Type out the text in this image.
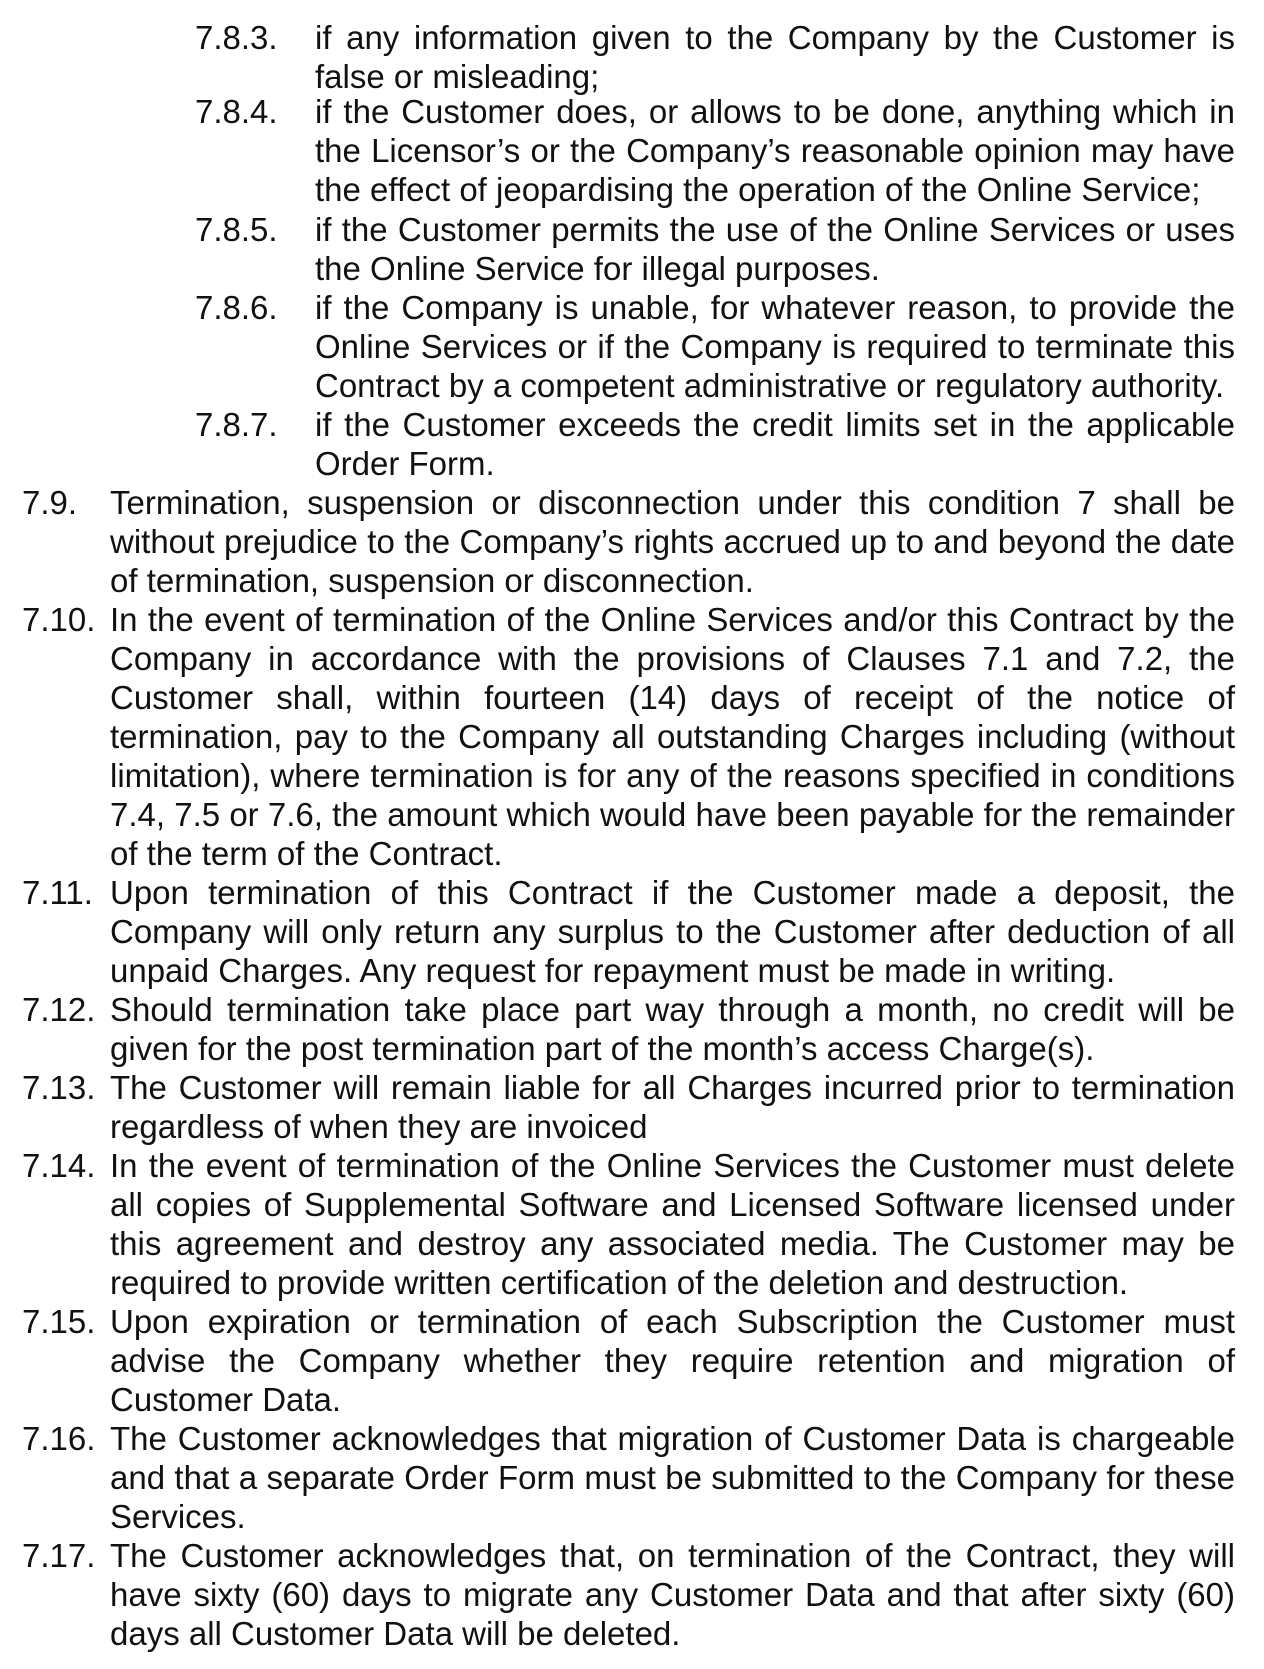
7.8.3.	if any information given to the Company by the Customer is false or misleading;
7.8.4.	if the Customer does, or allows to be done, anything which in the Licensor’s or the Company’s reasonable opinion may have the effect of jeopardising the operation of the Online Service;
7.8.5.	if the Customer permits the use of the Online Services or uses the Online Service for illegal purposes.
7.8.6.	if the Company is unable, for whatever reason, to provide the Online Services or if the Company is required to terminate this Contract by a competent administrative or regulatory authority.
7.8.7.	if the Customer exceeds the credit limits set in the applicable Order Form.
7.9. Termination, suspension or disconnection under this condition 7 shall be without prejudice to the Company’s rights accrued up to and beyond the date of termination, suspension or disconnection.
7.10. In the event of termination of the Online Services and/or this Contract by the Company in accordance with the provisions of Clauses 7.1 and 7.2, the Customer shall, within fourteen (14) days of receipt of the notice of termination, pay to the Company all outstanding Charges including (without limitation), where termination is for any of the reasons specified in conditions 7.4, 7.5 or 7.6, the amount which would have been payable for the remainder of the term of the Contract.
7.11. Upon termination of this Contract if the Customer made a deposit, the Company will only return any surplus to the Customer after deduction of all unpaid Charges. Any request for repayment must be made in writing.
7.12. Should termination take place part way through a month, no credit will be given for the post termination part of the month’s access Charge(s).
7.13. The Customer will remain liable for all Charges incurred prior to termination regardless of when they are invoiced
7.14. In the event of termination of the Online Services the Customer must delete all copies of Supplemental Software and Licensed Software licensed under this agreement and destroy any associated media. The Customer may be required to provide written certification of the deletion and destruction.
7.15. Upon expiration or termination of each Subscription the Customer must advise the Company whether they require retention and migration of Customer Data.
7.16. The Customer acknowledges that migration of Customer Data is chargeable and that a separate Order Form must be submitted to the Company for these Services.
7.17. The Customer acknowledges that, on termination of the Contract, they will have sixty (60) days to migrate any Customer Data and that after sixty (60) days all Customer Data will be deleted.
